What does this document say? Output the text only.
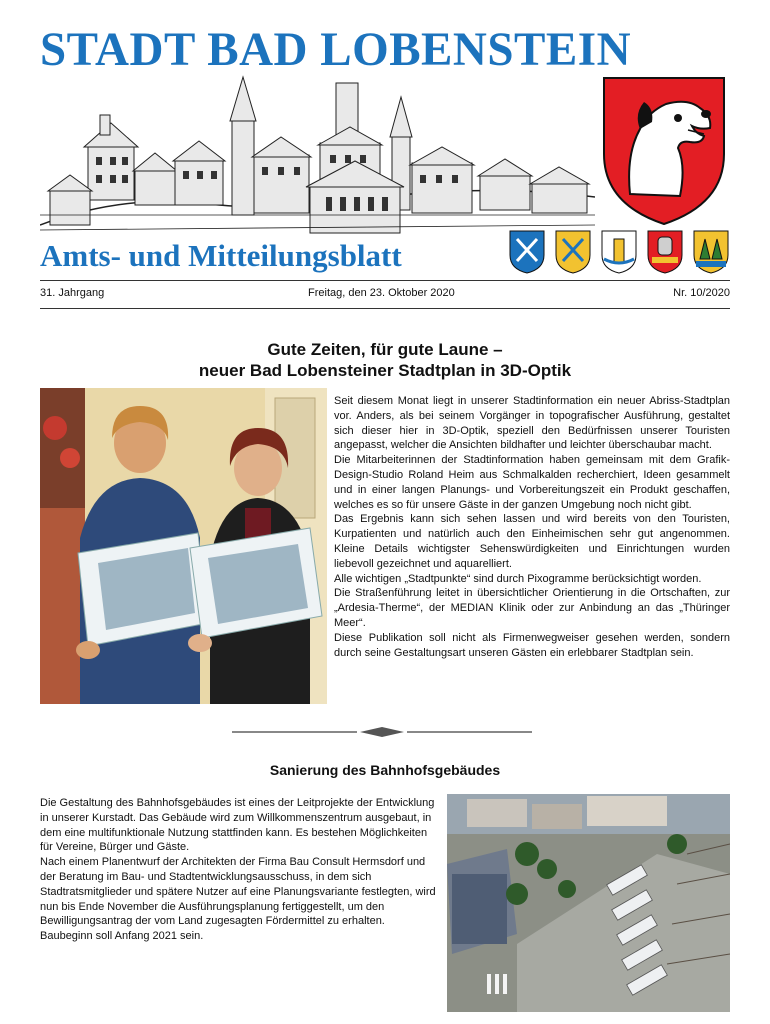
STADT BAD LOBENSTEIN
Amts- und Mitteilungsblatt
31. Jahrgang	Freitag, den 23. Oktober 2020	Nr. 10/2020
Gute Zeiten, für gute Laune –
neuer Bad Lobensteiner Stadtplan in 3D-Optik

Seit diesem Monat liegt in unserer Stadtinformation ein neuer Abriss-Stadtplan vor. Anders, als bei seinem Vorgänger in topografischer Ausführung, gestaltet sich dieser hier in 3D-Optik, speziell den Bedürfnissen unserer Touristen angepasst, welcher die Ansichten bildhafter und leichter überschaubar macht.

Die Mitarbeiterinnen der Stadtinformation haben gemeinsam mit dem Grafik-Design-Studio Roland Heim aus Schmalkalden recherchiert, Ideen gesammelt und in einer langen Planungs- und Vorbereitungszeit ein Produkt geschaffen, welches es so für unsere Gäste in der ganzen Umgebung noch nicht gibt.

Das Ergebnis kann sich sehen lassen und wird bereits von den Touristen, Kurpatienten und natürlich auch den Einheimischen sehr gut angenommen. Kleine Details wichtigster Sehenswürdigkeiten und Einrichtungen wurden liebevoll gezeichnet und aquarelliert.

Alle wichtigen „Stadtpunkte“ sind durch Pixogramme berücksichtigt worden.

Die Straßenführung leitet in übersichtlicher Orientierung in die Ortschaften, zur „Ardesia-Therme“, der MEDIAN Klinik oder zur Anbindung an das „Thüringer Meer“.

Diese Publikation soll nicht als Firmenwegweiser gesehen werden, sondern durch seine Gestaltungsart unseren Gästen ein erlebbarer Stadtplan sein.

Sanierung des Bahnhofsgebäudes

Die Gestaltung des Bahnhofsgebäudes ist eines der Leitprojekte der Entwicklung in unserer Kurstadt. Das Gebäude wird zum Willkommenszentrum ausgebaut, in dem eine multifunktionale Nutzung stattfinden kann. Es bestehen Möglichkeiten für Vereine, Bürger und Gäste.

Nach einem Planentwurf der Architekten der Firma Bau Consult Hermsdorf und der Beratung im Bau- und Stadtentwicklungsausschuss, in dem sich Stadtratsmitglieder und spätere Nutzer auf eine Planungsvariante festlegten, wird nun bis Ende November die Ausführungsplanung fertiggestellt, um den Bewilligungsantrag der vom Land zugesagten Fördermittel zu erhalten.

Baubeginn soll Anfang 2021 sein.
